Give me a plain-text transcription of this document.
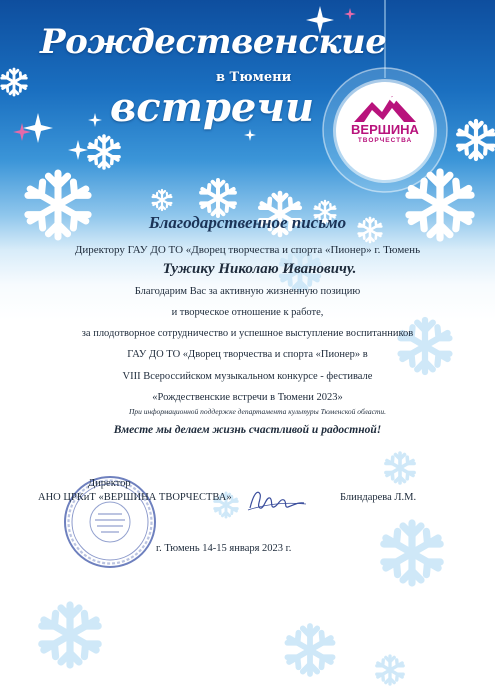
Рождественские
в Тюмени
встречи	ВЕРШИНА
ТВОРЧЕСТВА
Благодарственное письмо
Директору ГАУ ДО ТО «Дворец творчества и спорта «Пионер» г. Тюмень
Тужику Николаю Ивановичу.
Благодарим Вас за активную жизненную позицию
и творческое отношение к работе,
за плодотворное сотрудничество и успешное выступление воспитанников
ГАУ ДО ТО «Дворец творчества и спорта «Пионер» в
VIII Всероссийском музыкальном конкурсе - фестивале
«Рождественские встречи в Тюмени 2023»
При информационной поддержке департамента культуры Тюменской области.
Вместе мы делаем жизнь счастливой и радостной!
Директор
АНО ЦРКиТ «ВЕРШИНА ТВОРЧЕСТВА»	Блиндарева Л.М.
г. Тюмень 14-15 января 2023 г.
